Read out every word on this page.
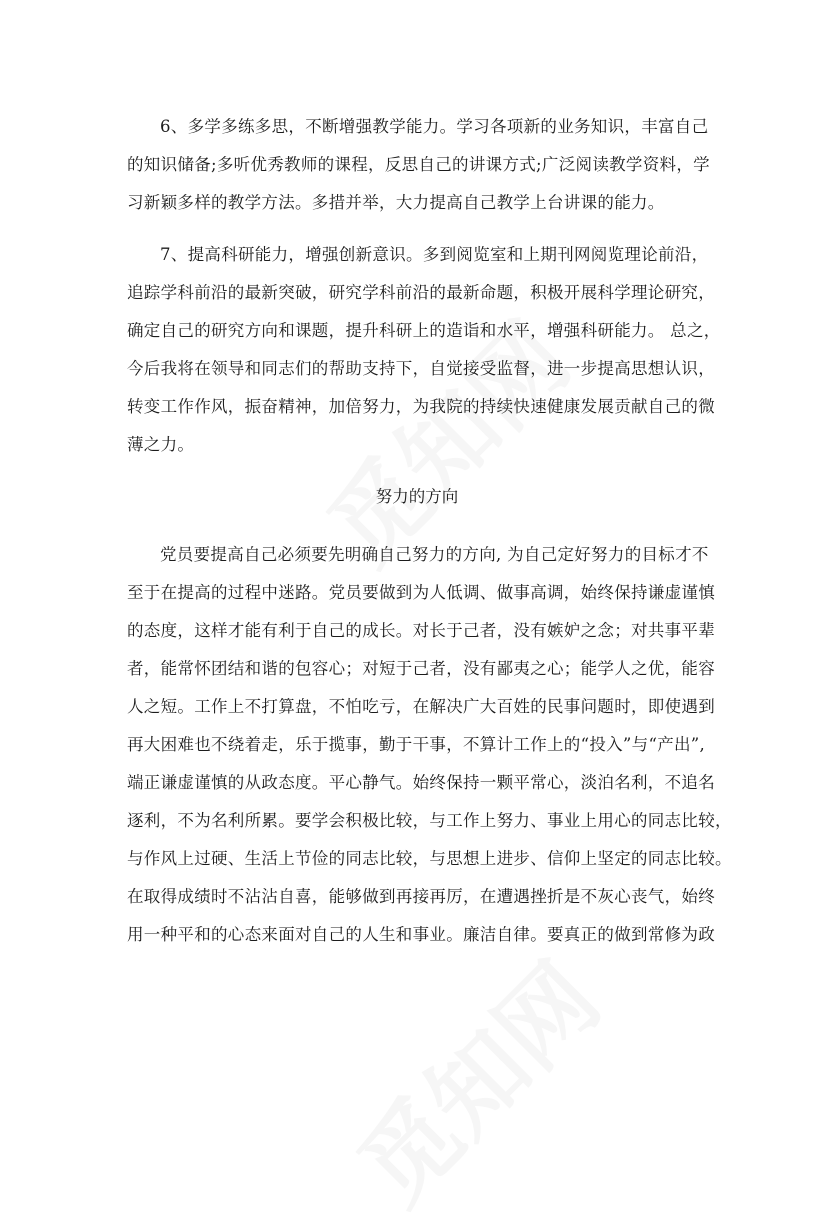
6、多学多练多思，不断增强教学能力。学习各项新的业务知识，丰富自己

的知识储备;多听优秀教师的课程，反思自己的讲课方式;广泛阅读教学资料，学

习新颖多样的教学方法。多措并举，大力提高自己教学上台讲课的能力。

7、提高科研能力，增强创新意识。多到阅览室和上期刊网阅览理论前沿，

追踪学科前沿的最新突破，研究学科前沿的最新命题，积极开展科学理论研究，

确定自己的研究方向和课题，提升科研上的造诣和水平，增强科研能力。 总之，

今后我将在领导和同志们的帮助支持下，自觉接受监督，进一步提高思想认识，

转变工作作风，振奋精神，加倍努力，为我院的持续快速健康发展贡献自己的微

薄之力。

努力的方向

党员要提高自己必须要先明确自己努力的方向, 为自己定好努力的目标才不

至于在提高的过程中迷路。党员要做到为人低调、做事高调，始终保持谦虚谨慎

的态度，这样才能有利于自己的成长。对长于己者，没有嫉妒之念；对共事平辈

者，能常怀团结和谐的包容心；对短于己者，没有鄙夷之心；能学人之优，能容

人之短。工作上不打算盘，不怕吃亏，在解决广大百姓的民事问题时，即使遇到

再大困难也不绕着走，乐于揽事，勤于干事，不算计工作上的“投入”与“产出”,

端正谦虚谨慎的从政态度。平心静气。始终保持一颗平常心，淡泊名利，不追名

逐利，不为名利所累。要学会积极比较，与工作上努力、事业上用心的同志比较，

与作风上过硬、生活上节俭的同志比较，与思想上进步、信仰上坚定的同志比较。

在取得成绩时不沾沾自喜，能够做到再接再厉，在遭遇挫折是不灰心丧气，始终

用一种平和的心态来面对自己的人生和事业。廉洁自律。要真正的做到常修为政
